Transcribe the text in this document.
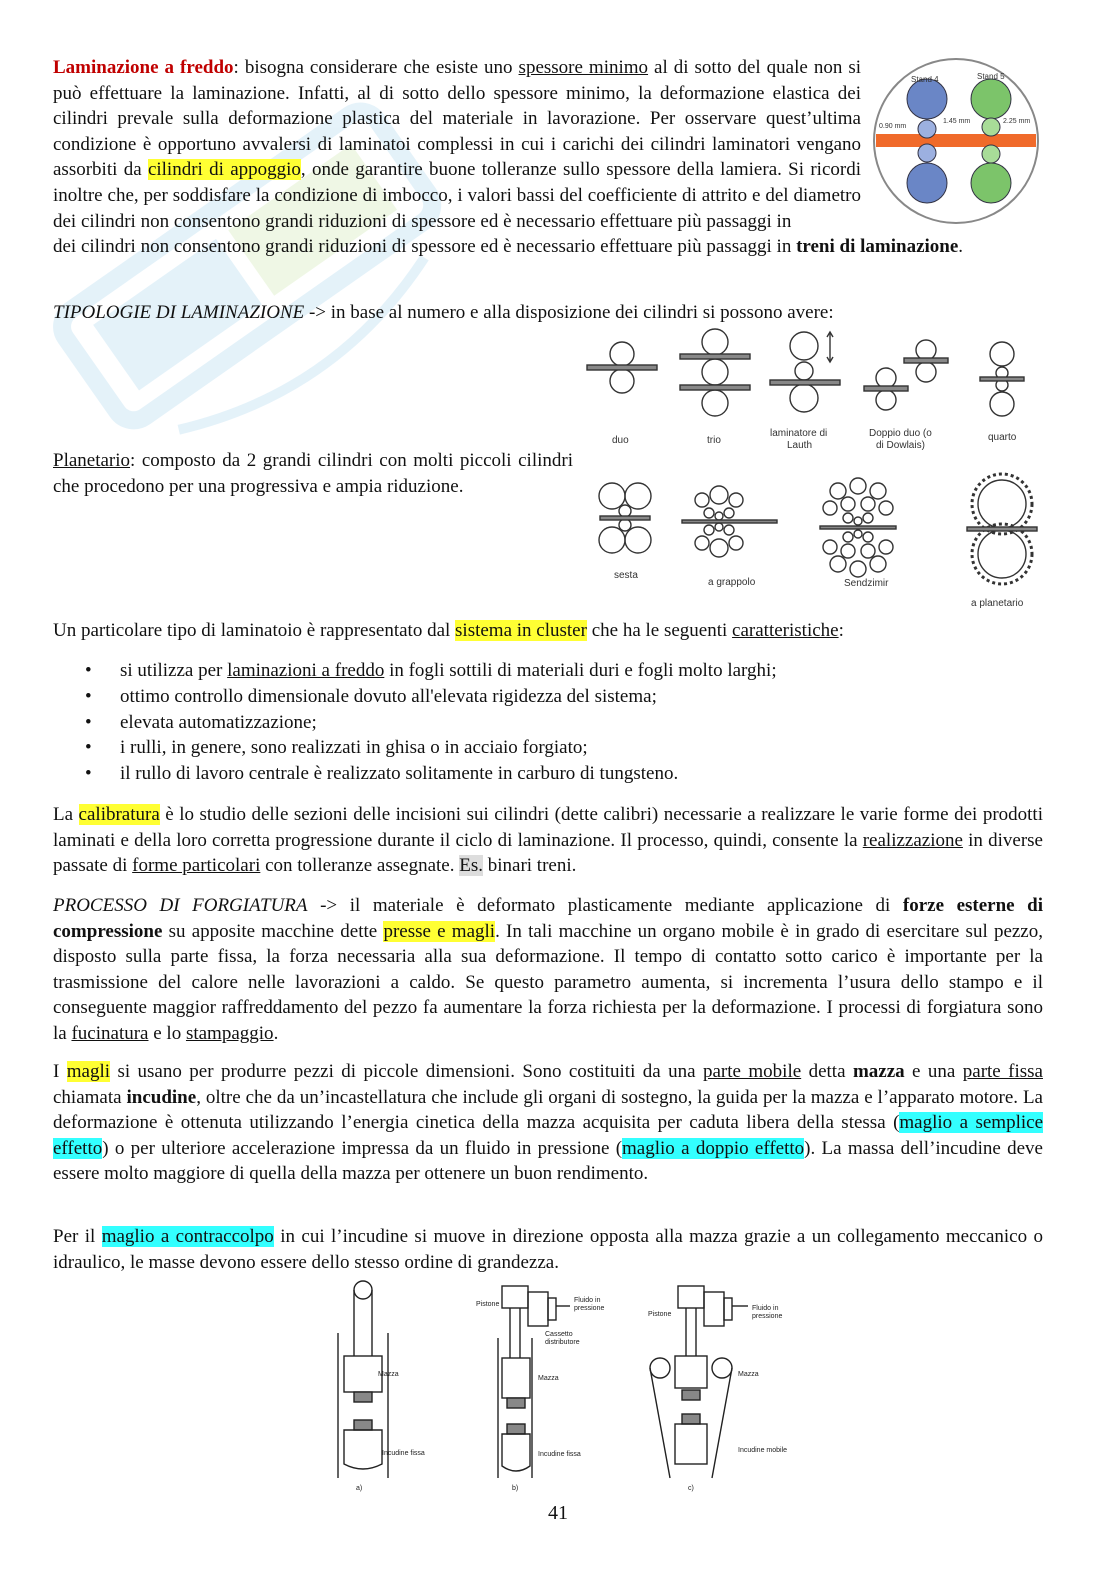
Laminazione a freddo: bisogna considerare che esiste uno spessore minimo al di sotto del quale non si può effettuare la laminazione. Infatti, al di sotto dello spessore minimo, la deformazione elastica dei cilindri prevale sulla deformazione plastica del materiale in lavorazione. Per osservare quest’ultima condizione è opportuno avvalersi di laminatoi complessi in cui i carichi dei cilindri laminatori vengano assorbiti da cilindri di appoggio, onde garantire buone tolleranze sullo spessore della lamiera. Si ricordi inoltre che, per soddisfare la condizione di imbocco, i valori bassi del coefficiente di attrito e del diametro dei cilindri non consentono grandi riduzioni di spessore ed è necessario effettuare più passaggi in

dei cilindri non consentono grandi riduzioni di spessore ed è necessario effettuare più passaggi in treni di laminazione.

Stand 4	Stand 5
0.90 mm
1.45 mm	2.25 mm

TIPOLOGIE DI LAMINAZIONE -> in base al numero e alla disposizione dei cilindri si possono avere:

Planetario: composto da 2 grandi cilindri con molti piccoli cilindri che procedono per una progressiva e ampia riduzione.

duo	trio
laminatore di
Lauth
Doppio duo (o
di Dowlais)
quarto
sesta
a grappolo	Sendzimir
a planetario

Un particolare tipo di laminatoio è rappresentato dal sistema in cluster che ha le seguenti caratteristiche:

• si utilizza per laminazioni a freddo in fogli sottili di materiali duri e fogli molto larghi;
• ottimo controllo dimensionale dovuto all'elevata rigidezza del sistema;
• elevata automatizzazione;
• i rulli, in genere, sono realizzati in ghisa o in acciaio forgiato;
• il rullo di lavoro centrale è realizzato solitamente in carburo di tungsteno.

La calibratura è lo studio delle sezioni delle incisioni sui cilindri (dette calibri) necessarie a realizzare le varie forme dei prodotti laminati e della loro corretta progressione durante il ciclo di laminazione. Il processo, quindi, consente la realizzazione in diverse passate di forme particolari con tolleranze assegnate. Es. binari treni.

PROCESSO DI FORGIATURA -> il materiale è deformato plasticamente mediante applicazione di forze esterne di compressione su apposite macchine dette presse e magli. In tali macchine un organo mobile è in grado di esercitare sul pezzo, disposto sulla parte fissa, la forza necessaria alla sua deformazione. Il tempo di contatto sotto carico è importante per la trasmissione del calore nelle lavorazioni a caldo. Se questo parametro aumenta, si incrementa l’usura dello stampo e il conseguente maggior raffreddamento del pezzo fa aumentare la forza richiesta per la deformazione. I processi di forgiatura sono la fucinatura e lo stampaggio.

I magli si usano per produrre pezzi di piccole dimensioni. Sono costituiti da una parte mobile detta mazza e una parte fissa chiamata incudine, oltre che da un’incastellatura che include gli organi di sostegno, la guida per la mazza e l’apparato motore. La deformazione è ottenuta utilizzando l’energia cinetica della mazza acquisita per caduta libera della stessa (maglio a semplice effetto) o per ulteriore accelerazione impressa da un fluido in pressione (maglio a doppio effetto). La massa dell’incudine deve essere molto maggiore di quella della mazza per ottenere un buon rendimento.

Per il maglio a contraccolpo in cui l’incudine si muove in direzione opposta alla mazza grazie a un collegamento meccanico o idraulico, le masse devono essere dello stesso ordine di grandezza.

Mazza
Incudine fissa
a)
Pistone
Fluido in
pressione
Cassetto
distributore
Mazza
Incudine fissa
b)
Pistone
Fluido in
pressione
Mazza
Incudine mobile
c)
41
